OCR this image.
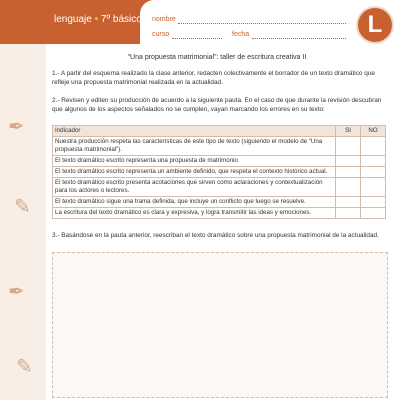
lenguaje • 7º básico nombre
curso	fecha	L
✒
✎
✒
✎
“Una propuesta matrimonial”: taller de escritura creativa II
1.- A partir del esquema realizado la clase anterior, redacten colectivamente el borrador de un texto dramático que refleje una propuesta matrimonial realizada en la actualidad.
2.- Revisen y editen su producción de acuerdo a la siguiente pauta. En el caso de que durante la revisión descubran que algunos de los aspectos señalados no se cumplen, vayan marcando los errores en su texto:
Indicador	SI	NO
Nuestra producción respeta las características de este tipo de texto (siguiendo el modelo de “Una propuesta matrimonial”).		
El texto dramático escrito representa una propuesta de matrimonio		
El texto dramático escrito representa un ambiente definido, que respeta el contexto histórico actual.		
El texto dramático escrito presenta acotaciones que sirven como aclaraciones y contextualización para los actores o lectores.		
El texto dramático sigue una trama definida, que incluye un conflicto que luego se resuelve.		
La escritura del texto dramático es clara y expresiva, y logra transmitir las ideas y emociones.		
3.- Basándose en la pauta anterior, reescriban el texto dramático sobre una propuesta matrimonial de la actualidad.
